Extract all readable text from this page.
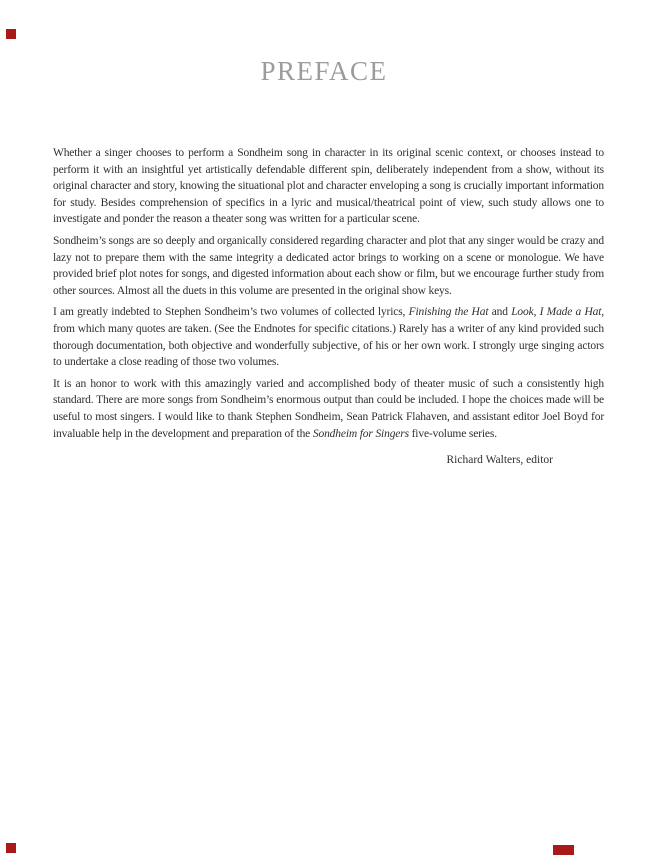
PREFACE

Whether a singer chooses to perform a Sondheim song in character in its original scenic context, or chooses instead to perform it with an insightful yet artistically defendable different spin, deliberately independent from a show, without its original character and story, knowing the situational plot and character enveloping a song is crucially important information for study. Besides comprehension of specifics in a lyric and musical/theatrical point of view, such study allows one to investigate and ponder the reason a theater song was written for a particular scene.

Sondheim’s songs are so deeply and organically considered regarding character and plot that any singer would be crazy and lazy not to prepare them with the same integrity a dedicated actor brings to working on a scene or monologue. We have provided brief plot notes for songs, and digested information about each show or film, but we encourage further study from other sources. Almost all the duets in this volume are presented in the original show keys.

I am greatly indebted to Stephen Sondheim’s two volumes of collected lyrics, Finishing the Hat and Look, I Made a Hat, from which many quotes are taken. (See the Endnotes for specific citations.) Rarely has a writer of any kind provided such thorough documentation, both objective and wonderfully subjective, of his or her own work. I strongly urge singing actors to undertake a close reading of those two volumes.

It is an honor to work with this amazingly varied and accomplished body of theater music of such a consistently high standard. There are more songs from Sondheim’s enormous output than could be included. I hope the choices made will be useful to most singers. I would like to thank Stephen Sondheim, Sean Patrick Flahaven, and assistant editor Joel Boyd for invaluable help in the development and preparation of the Sondheim for Singers five-volume series.

Richard Walters, editor
